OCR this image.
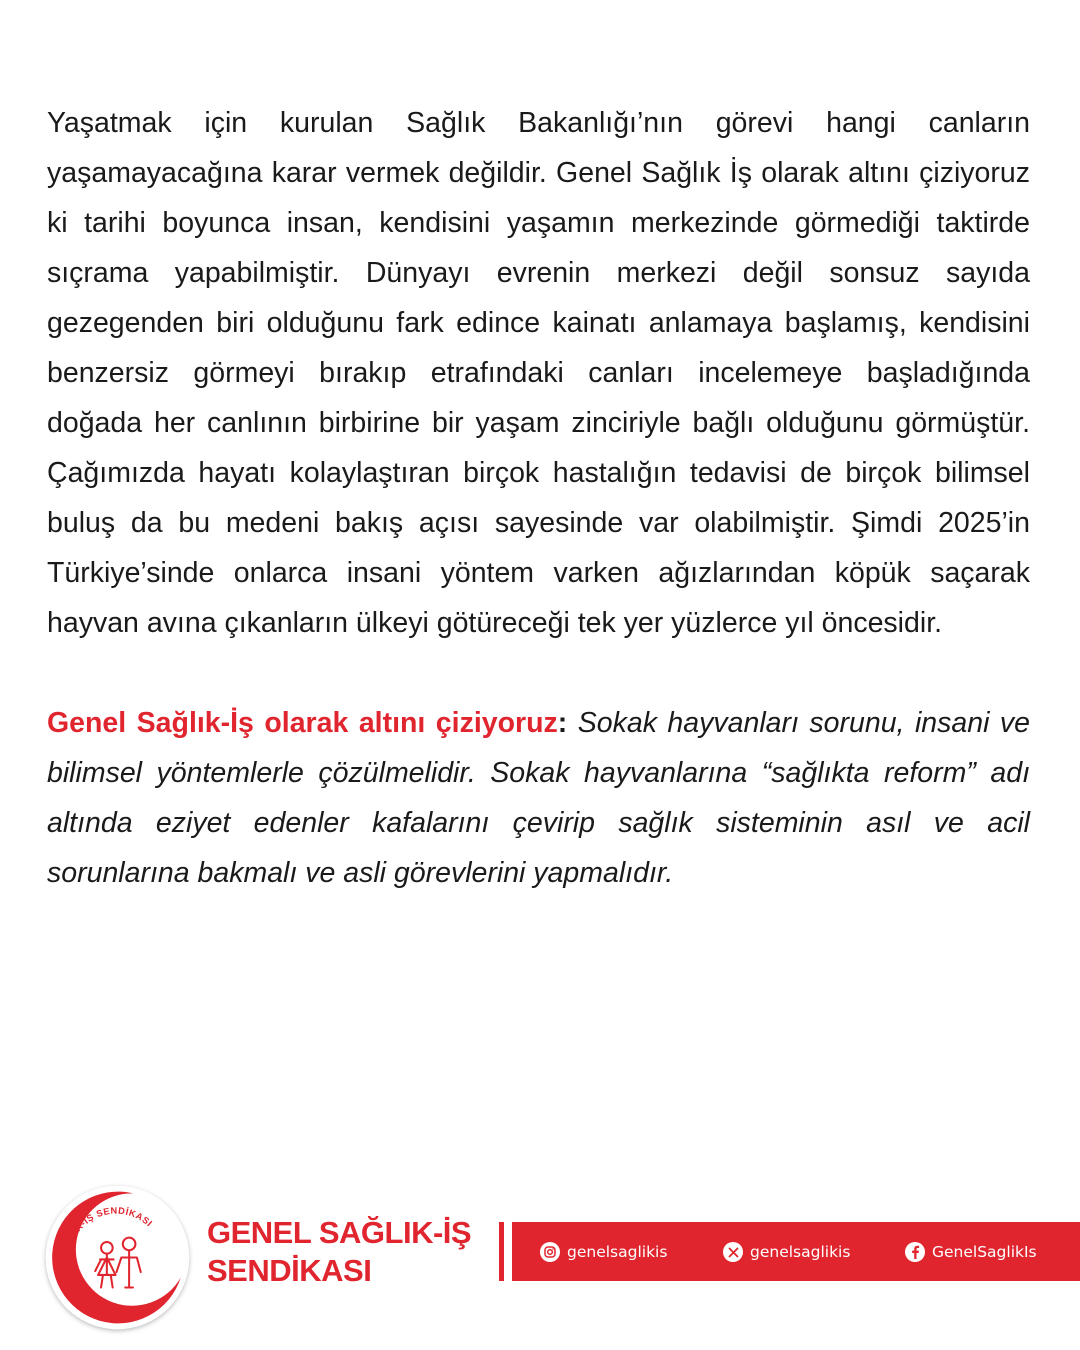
Yaşatmak için kurulan Sağlık Bakanlığı’nın görevi hangi canların yaşamayacağına karar vermek değildir. Genel Sağlık İş olarak altını çiziyoruz ki tarihi boyunca insan, kendisini yaşamın merkezinde görmediği taktirde sıçrama yapabilmiştir. Dünyayı evrenin merkezi değil sonsuz sayıda gezegenden biri olduğunu fark edince kainatı anlamaya başlamış, kendisini benzersiz görmeyi bırakıp etrafındaki canları incelemeye başladığında doğada her canlının birbirine bir yaşam zinciriyle bağlı olduğunu görmüştür. Çağımızda hayatı kolaylaştıran birçok hastalığın tedavisi de birçok bilimsel buluş da bu medeni bakış açısı sayesinde var olabilmiştir. Şimdi 2025’in Türkiye’sinde onlarca insani yöntem varken ağızlarından köpük saçarak hayvan avına çıkanların ülkeyi götüreceği tek yer yüzlerce yıl öncesidir.

Genel Sağlık-İş olarak altını çiziyoruz: Sokak hayvanları sorunu, insani ve bilimsel yöntemlerle çözülmelidir. Sokak hayvanlarına “sağlıkta reform” adı altında eziyet edenler kafalarını çevirip sağlık sisteminin asıl ve acil sorunlarına bakmalı ve asli görevlerini yapmalıdır.

GENEL SAĞLIK-İŞ SENDİKASI GENEL SAĞLIK-İŞ
SENDİKASI
genelsaglikis	genelsaglikis	GenelSaglikIs
